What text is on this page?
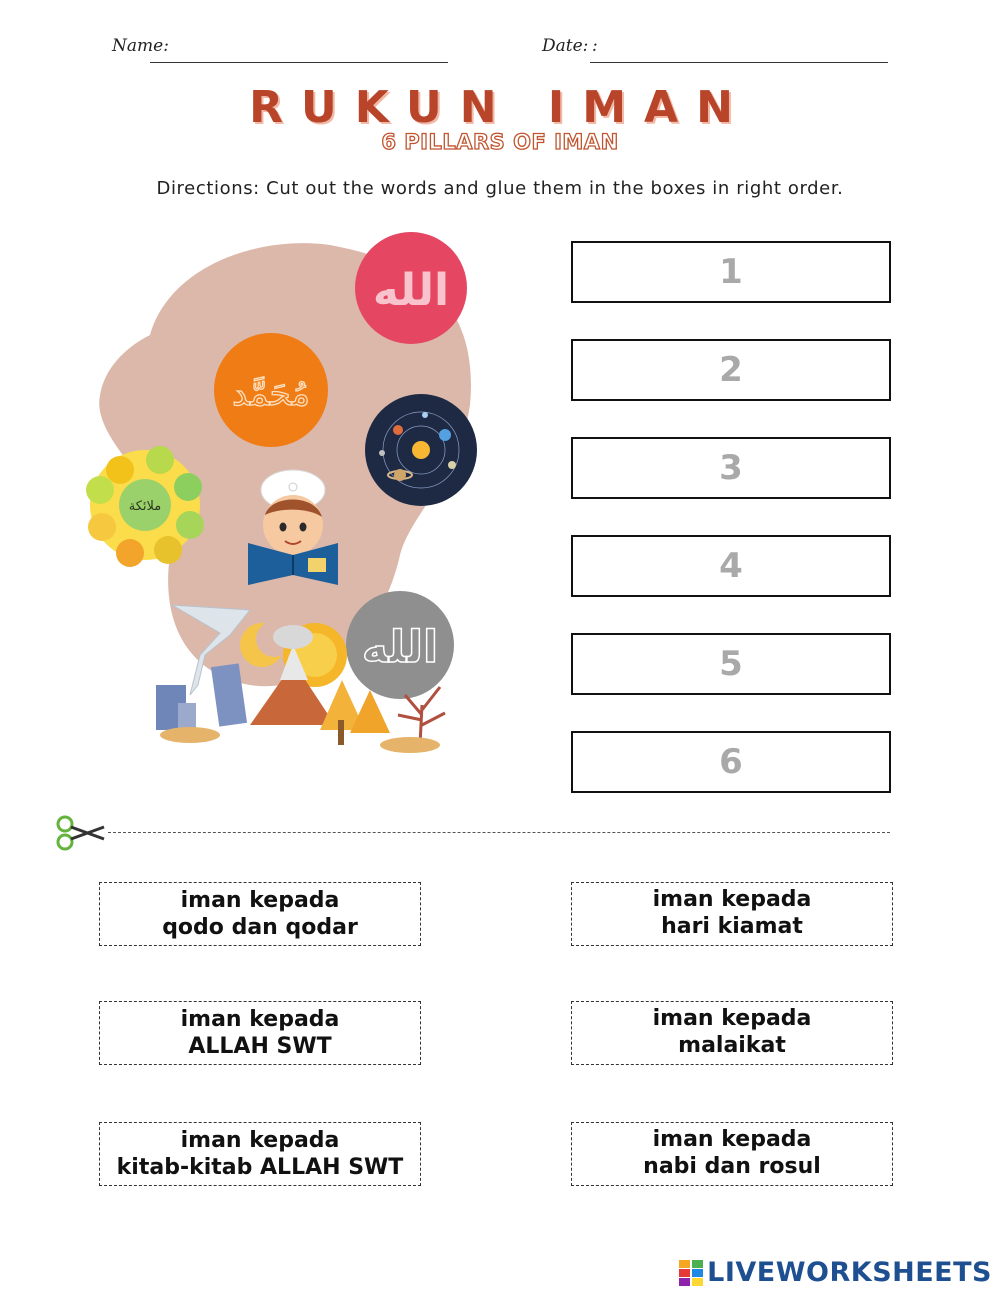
Name:	Date: :
RUKUN IMAN
6 PILLARS OF IMAN
Directions: Cut out the words and glue them in the boxes in right order.
الله
مُحَمَّد
ملائكة
الله
1
2
3
4
5
6
iman kepada
qodo dan qodar
iman kepada
hari kiamat
iman kepada
ALLAH SWT
iman kepada
malaikat
iman kepada
kitab-kitab ALLAH SWT
iman kepada
nabi dan rosul
LIVEWORKSHEETS
